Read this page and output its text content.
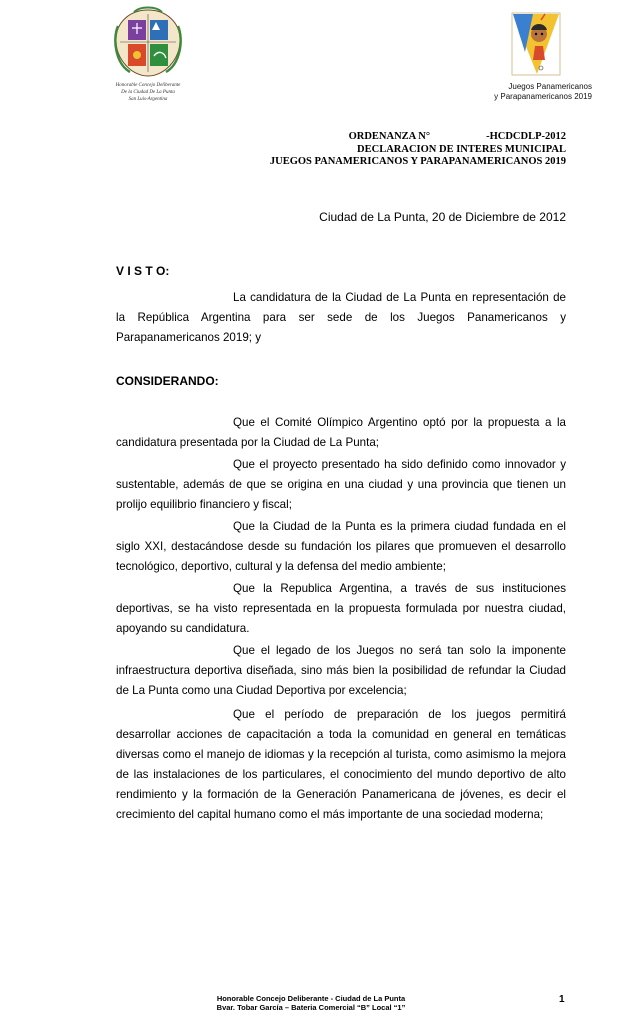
Honorable Concejo Deliberante
De la Ciudad De La Punta
San Luis-Argentina
Juegos Panamericanos
y Parapanamericanos 2019
ORDENANZA N°	-HCDCDLP-2012
DECLARACION DE INTERES MUNICIPAL
JUEGOS PANAMERICANOS Y PARAPANAMERICANOS 2019
Ciudad de La Punta, 20 de Diciembre de 2012
V I S T O:

La candidatura de la Ciudad de La Punta en representación de la República Argentina para ser sede de los Juegos Panamericanos y Parapanamericanos 2019; y

CONSIDERANDO:

Que el Comité Olímpico Argentino optó por la propuesta a la candidatura presentada por la Ciudad de La Punta;

Que el proyecto presentado ha sido definido como innovador y sustentable, además de que se origina en una ciudad y una provincia que tienen un prolijo equilibrio financiero y fiscal;

Que la Ciudad de la Punta es la primera ciudad fundada en el siglo XXI, destacándose desde su fundación los pilares que promueven el desarrollo tecnológico, deportivo, cultural y la defensa del medio ambiente;

Que la Republica Argentina, a través de sus instituciones deportivas, se ha visto representada en la propuesta formulada por nuestra ciudad, apoyando su candidatura.

Que el legado de los Juegos no será tan solo la imponente infraestructura deportiva diseñada, sino más bien la posibilidad de refundar la Ciudad de La Punta como una Ciudad Deportiva por excelencia;

Que el período de preparación de los juegos permitirá desarrollar acciones de capacitación a toda la comunidad en general en temáticas diversas como el manejo de idiomas y la recepción al turista, como asimismo la mejora de las instalaciones de los particulares, el conocimiento del mundo deportivo de alto rendimiento y la formación de la Generación Panamericana de jóvenes, es decir el crecimiento del capital humano como el más importante de una sociedad moderna;

Honorable Concejo Deliberante - Ciudad de La Punta
Bvar. Tobar García – Bateria Comercial “B” Local “1”
1
